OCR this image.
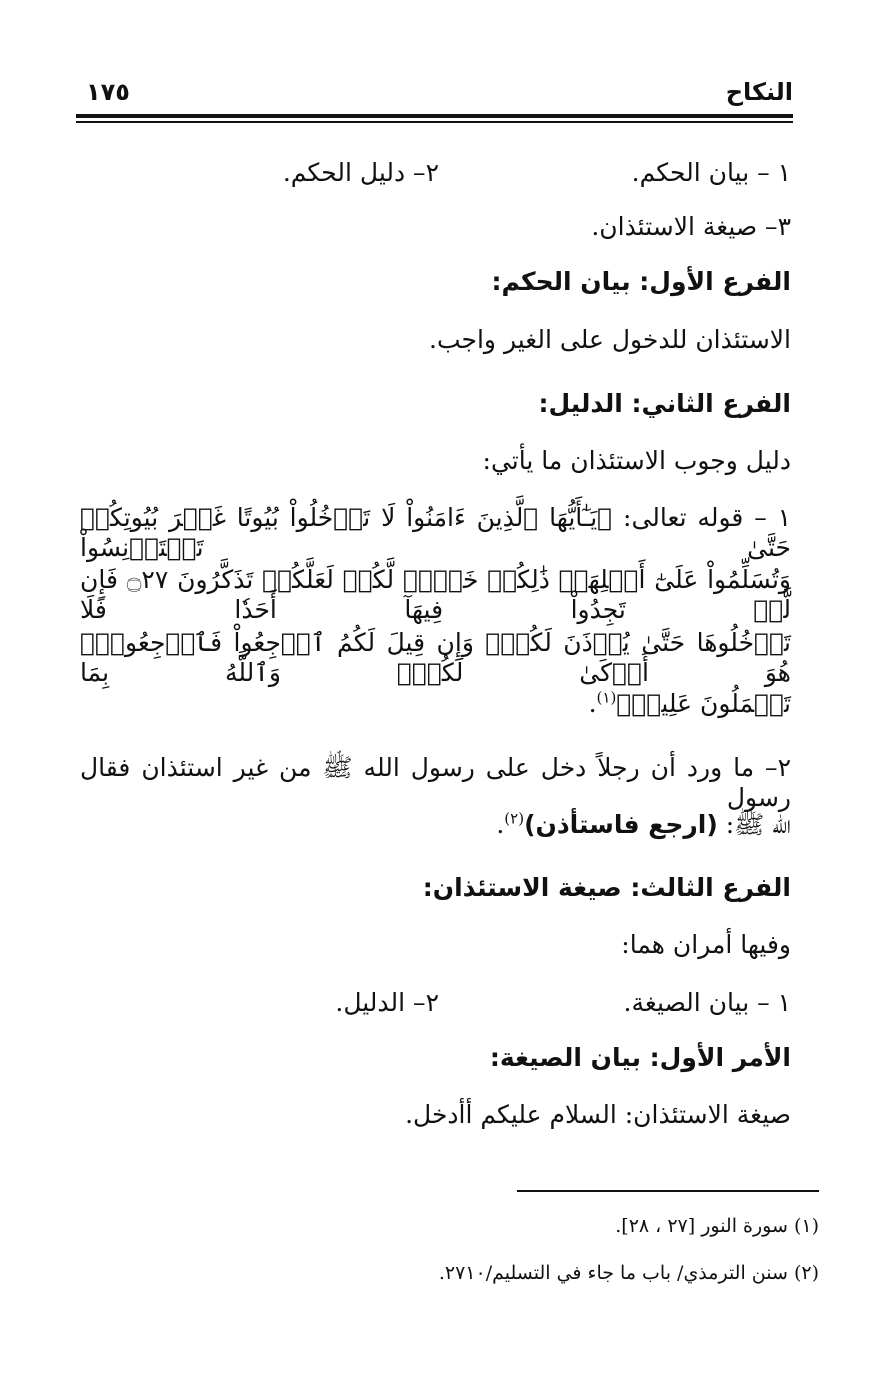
النكاح
١٧٥
١ – بيان الحكم.
٢– دليل الحكم.
٣– صيغة الاستئذان.
الفرع الأول: بيان الحكم:
الاستئذان للدخول على الغير واجب.
الفرع الثاني: الدليل:
دليل وجوب الاستئذان ما يأتي:
١ – قوله تعالى: ﴿يَـٰٓأَيُّهَا ٱلَّذِينَ ءَامَنُواْ لَا تَدۡخُلُواْ بُيُوتًا غَيۡرَ بُيُوتِكُمۡ حَتَّىٰ تَسۡتَأۡنِسُواْ
وَتُسَلِّمُواْ عَلَىٰٓ أَهۡلِهَاۚ ذَٰلِكُمۡ خَيۡرٞ لَّكُمۡ لَعَلَّكُمۡ تَذَكَّرُونَ ۝٢٧ فَإِن لَّمۡ تَجِدُواْ فِيهَآ أَحَدٗا فَلَا
تَدۡخُلُوهَا حَتَّىٰ يُؤۡذَنَ لَكُمۡۖ وَإِن قِيلَ لَكُمُ ٱرۡجِعُواْ فَٱرۡجِعُواْۖ هُوَ أَزۡكَىٰ لَكُمۡۚ وَٱللَّهُ بِمَا
تَعۡمَلُونَ عَلِيمٞ﴾$^{(١)}$.
٢– ما ورد أن رجلاً دخل على رسول الله ﷺ من غير استئذان فقال رسول
الله ﷺ: (ارجع فاستأذن)$^{(٢)}$.
الفرع الثالث: صيغة الاستئذان:
وفيها أمران هما:
١ – بيان الصيغة.
٢– الدليل.
الأمر الأول: بيان الصيغة:
صيغة الاستئذان: السلام عليكم أأدخل.
(١) سورة النور [٢٧ ، ٢٨].
(٢) سنن الترمذي/ باب ما جاء في التسليم/٢٧١٠.
